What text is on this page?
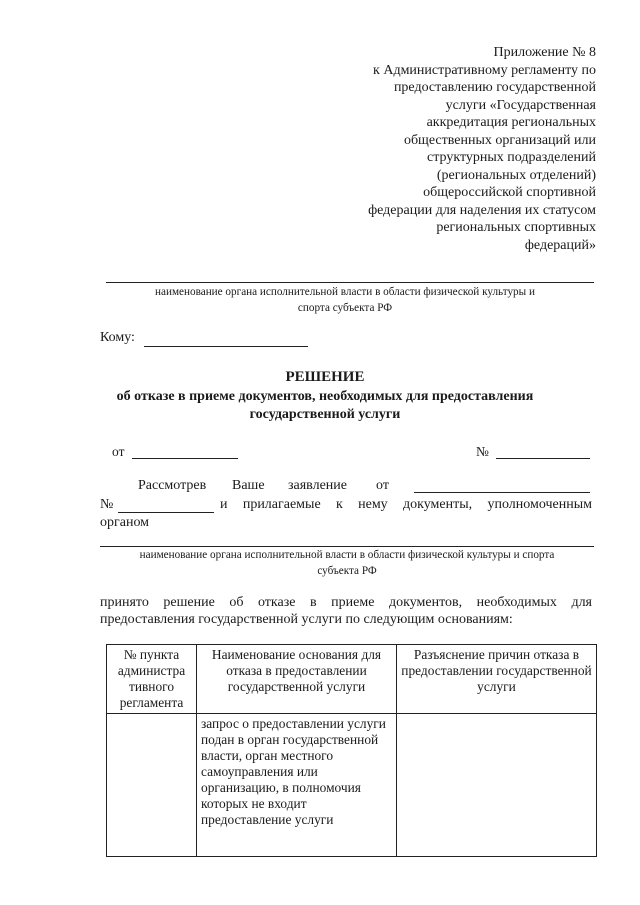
Приложение № 8
к Административному регламенту по
предоставлению государственной
услуги «Государственная
аккредитация региональных
общественных организаций или
структурных подразделений
(региональных отделений)
общероссийской спортивной
федерации для наделения их статусом
региональных спортивных
федераций»
наименование органа исполнительной власти в области физической культуры и
спорта субъекта РФ
Кому:
РЕШЕНИЕ
об отказе в приеме документов, необходимых для предоставления
государственной услуги
от	№
Рассмотрев Ваше заявление от
№	и прилагаемые к нему документы, уполномоченным
органом
наименование органа исполнительной власти в области физической культуры и спорта
субъекта РФ
принято решение об отказе в приеме документов, необходимых для предоставления государственной услуги по следующим основаниям:
№ пункта админиcтра тивного регламента	Наименование основания для отказа в предоставлении государственной услуги	Разъяснение причин отказа в предоставлении государственной услуги

	запрос о предоставлении услуги подан в орган государственной власти, орган местного самоуправления или организацию, в полномочия которых не входит предоставление услуги	
